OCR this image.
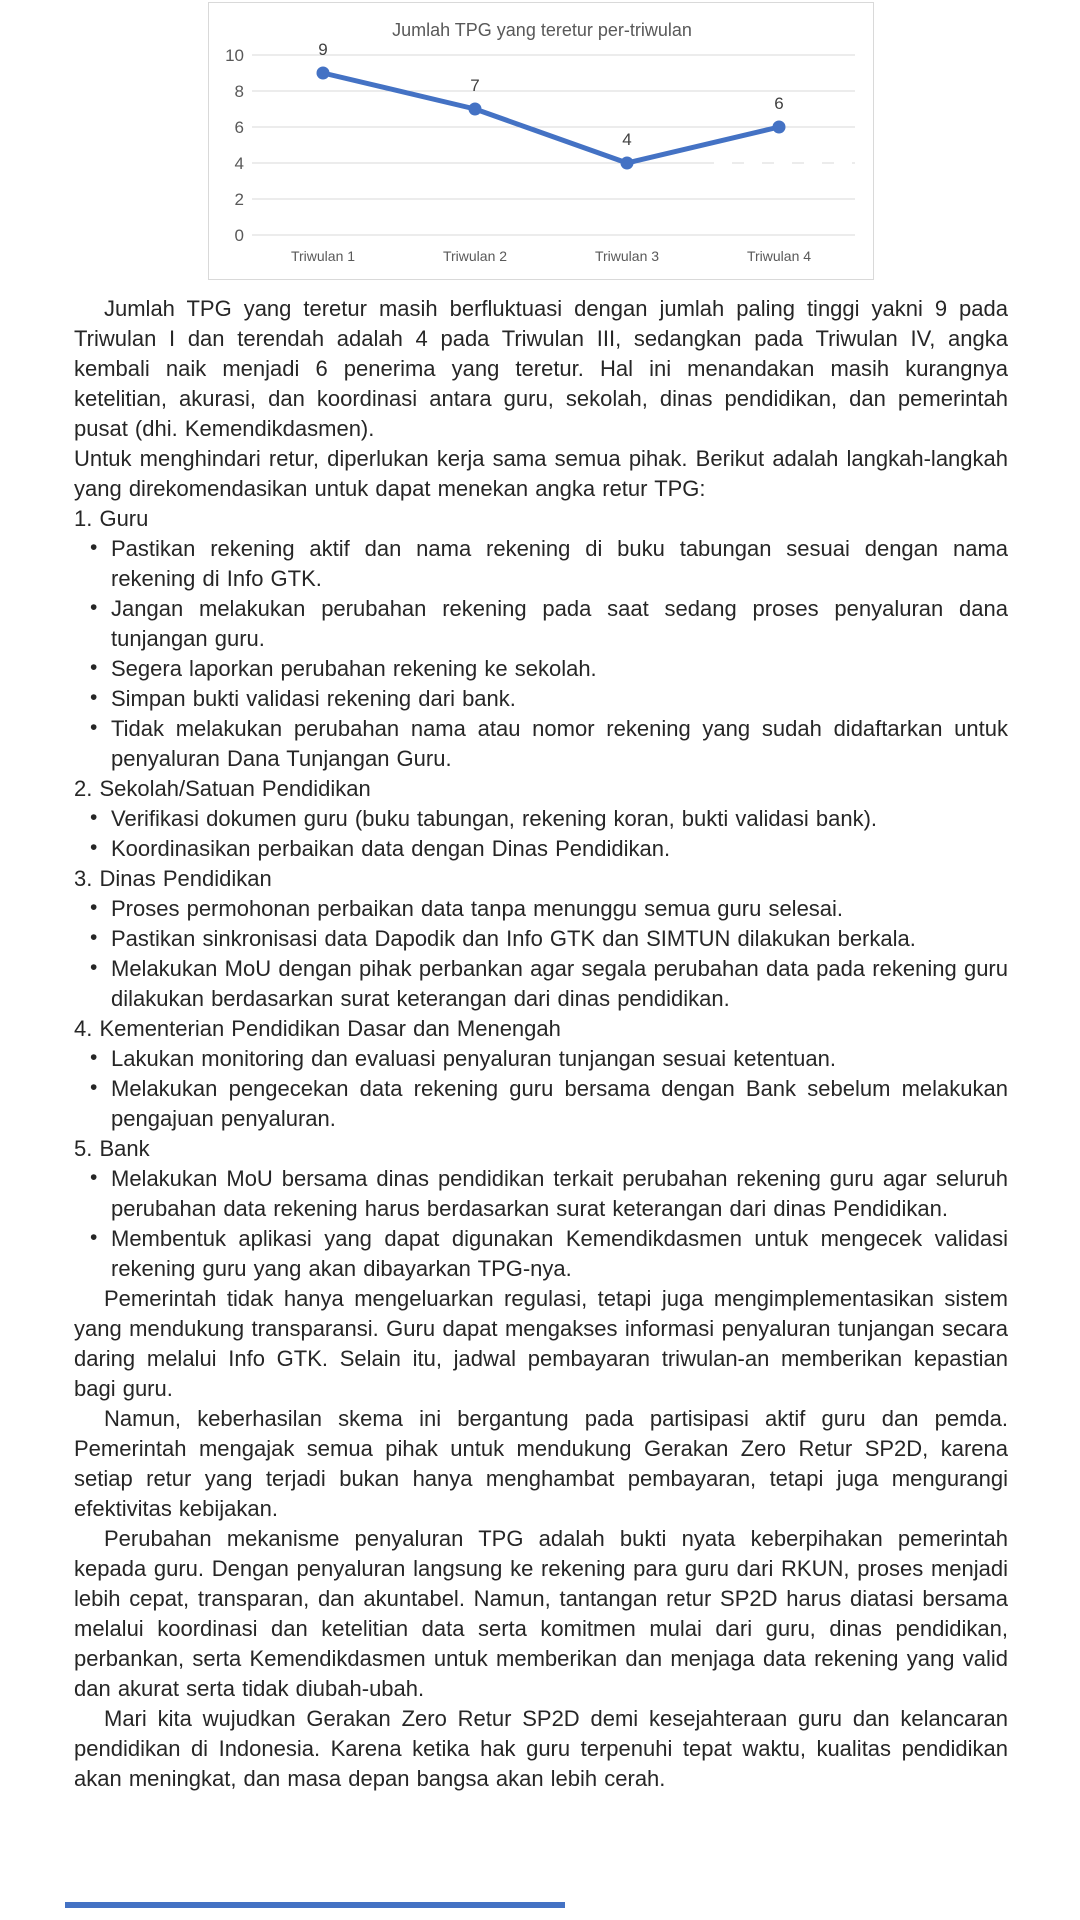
0
2
4
6
8
10
Jumlah TPG yang teretur per-triwulan
Triwulan 1	Triwulan 2	Triwulan 3	Triwulan 4
9
7
4
6

Jumlah TPG yang teretur masih berfluktuasi dengan jumlah paling tinggi yakni 9 pada Triwulan I dan terendah adalah 4 pada Triwulan III, sedangkan pada Triwulan IV, angka kembali naik menjadi 6 penerima yang teretur. Hal ini menandakan masih kurangnya ketelitian, akurasi, dan koordinasi antara guru, sekolah, dinas pendidikan, dan pemerintah pusat (dhi. Kemendikdasmen).

Untuk menghindari retur, diperlukan kerja sama semua pihak. Berikut adalah langkah-langkah yang direkomendasikan untuk dapat menekan angka retur TPG:

1. Guru

• Pastikan rekening aktif dan nama rekening di buku tabungan sesuai dengan nama rekening di Info GTK.

• Jangan melakukan perubahan rekening pada saat sedang proses penyaluran dana tunjangan guru.

• Segera laporkan perubahan rekening ke sekolah.

• Simpan bukti validasi rekening dari bank.

• Tidak melakukan perubahan nama atau nomor rekening yang sudah didaftarkan untuk penyaluran Dana Tunjangan Guru.

2. Sekolah/Satuan Pendidikan

• Verifikasi dokumen guru (buku tabungan, rekening koran, bukti validasi bank).

• Koordinasikan perbaikan data dengan Dinas Pendidikan.

3. Dinas Pendidikan

• Proses permohonan perbaikan data tanpa menunggu semua guru selesai.

• Pastikan sinkronisasi data Dapodik dan Info GTK dan SIMTUN dilakukan berkala.

• Melakukan MoU dengan pihak perbankan agar segala perubahan data pada rekening guru dilakukan berdasarkan surat keterangan dari dinas pendidikan.

4. Kementerian Pendidikan Dasar dan Menengah

• Lakukan monitoring dan evaluasi penyaluran tunjangan sesuai ketentuan.

• Melakukan pengecekan data rekening guru bersama dengan Bank sebelum melakukan pengajuan penyaluran.

5. Bank

• Melakukan MoU bersama dinas pendidikan terkait perubahan rekening guru agar seluruh perubahan data rekening harus berdasarkan surat keterangan dari dinas Pendidikan.

• Membentuk aplikasi yang dapat digunakan Kemendikdasmen untuk mengecek validasi rekening guru yang akan dibayarkan TPG-nya.

Pemerintah tidak hanya mengeluarkan regulasi, tetapi juga mengimplementasikan sistem yang mendukung transparansi. Guru dapat mengakses informasi penyaluran tunjangan secara daring melalui Info GTK. Selain itu, jadwal pembayaran triwulan-an memberikan kepastian bagi guru.

Namun, keberhasilan skema ini bergantung pada partisipasi aktif guru dan pemda. Pemerintah mengajak semua pihak untuk mendukung Gerakan Zero Retur SP2D, karena setiap retur yang terjadi bukan hanya menghambat pembayaran, tetapi juga mengurangi efektivitas kebijakan.

Perubahan mekanisme penyaluran TPG adalah bukti nyata keberpihakan pemerintah kepada guru. Dengan penyaluran langsung ke rekening para guru dari RKUN, proses menjadi lebih cepat, transparan, dan akuntabel. Namun, tantangan retur SP2D harus diatasi bersama melalui koordinasi dan ketelitian data serta komitmen mulai dari guru, dinas pendidikan, perbankan, serta Kemendikdasmen untuk memberikan dan menjaga data rekening yang valid dan akurat serta tidak diubah-ubah.

Mari kita wujudkan Gerakan Zero Retur SP2D demi kesejahteraan guru dan kelancaran pendidikan di Indonesia. Karena ketika hak guru terpenuhi tepat waktu, kualitas pendidikan akan meningkat, dan masa depan bangsa akan lebih cerah.
